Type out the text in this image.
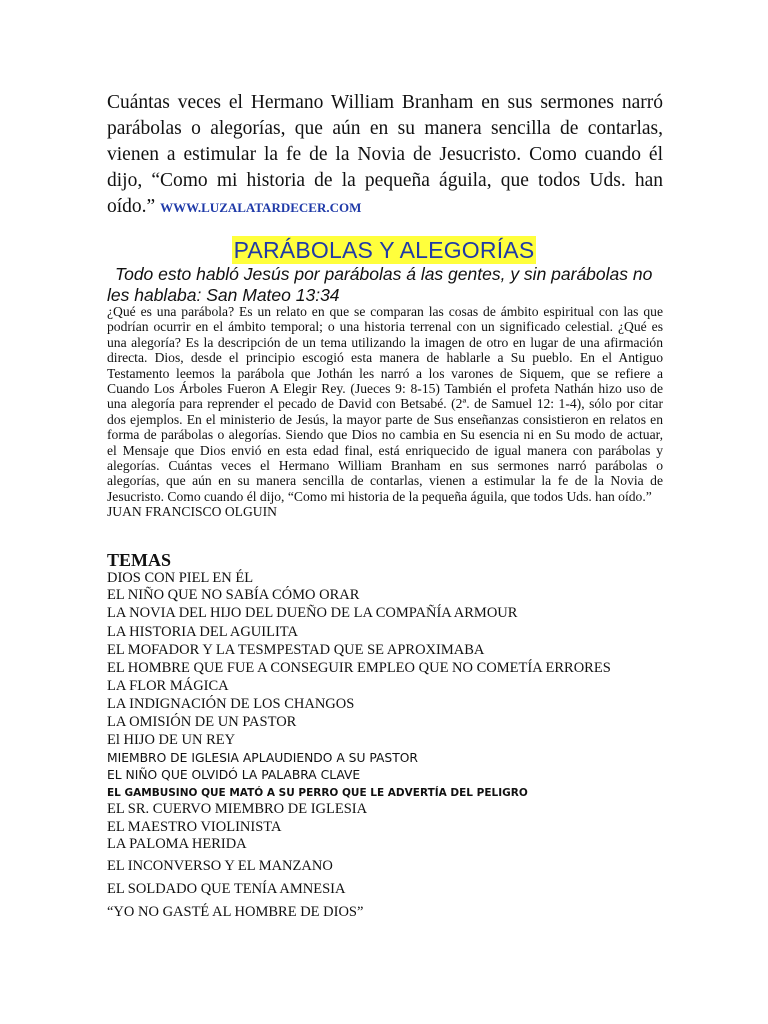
Cuántas veces el Hermano William Branham en sus sermones narró
parábolas o alegorías, que aún en su manera sencilla de contarlas,
vienen a estimular la fe de la Novia de Jesucristo. Como cuando él
dijo, “Como mi historia de la pequeña águila, que todos Uds. han
oído.” WWW.LUZALATARDECER.COM

PARÁBOLAS Y ALEGORÍAS

Todo esto habló Jesús por parábolas á las gentes, y sin parábolas no
les hablaba: San Mateo 13:34

¿Qué es una parábola? Es un relato en que se comparan las cosas de ámbito espiritual con las que
podrían ocurrir en el ámbito temporal; o una historia terrenal con un significado celestial. ¿Qué es
una alegoría? Es la descripción de un tema utilizando la imagen de otro en lugar de una afirmación
directa. Dios, desde el principio escogió esta manera de hablarle a Su pueblo. En el Antiguo
Testamento leemos la parábola que Jothán les narró a los varones de Siquem, que se refiere a
Cuando Los Árboles Fueron A Elegir Rey. (Jueces 9: 8-15) También el profeta Nathán hizo uso de
una alegoría para reprender el pecado de David con Betsabé. (2ª. de Samuel 12: 1-4), sólo por citar
dos ejemplos. En el ministerio de Jesús, la mayor parte de Sus enseñanzas consistieron en relatos en
forma de parábolas o alegorías. Siendo que Dios no cambia en Su esencia ni en Su modo de actuar,
el Mensaje que Dios envió en esta edad final, está enriquecido de igual manera con parábolas y
alegorías. Cuántas veces el Hermano William Branham en sus sermones narró parábolas o
alegorías, que aún en su manera sencilla de contarlas, vienen a estimular la fe de la Novia de
Jesucristo. Como cuando él dijo, “Como mi historia de la pequeña águila, que todos Uds. han oído.”
JUAN FRANCISCO OLGUIN

TEMAS
DIOS CON PIEL EN ÉL
EL NIÑO QUE NO SABÍA CÓMO ORAR
LA NOVIA DEL HIJO DEL DUEÑO DE LA COMPAÑÍA ARMOUR
LA HISTORIA DEL AGUILITA
EL MOFADOR Y LA TESMPESTAD QUE SE APROXIMABA
EL HOMBRE QUE FUE A CONSEGUIR EMPLEO QUE NO COMETÍA ERRORES
LA FLOR MÁGICA
LA INDIGNACIÓN DE LOS CHANGOS
LA OMISIÓN DE UN PASTOR
El HIJO DE UN REY
MIEMBRO DE IGLESIA APLAUDIENDO A SU PASTOR
EL NIÑO QUE OLVIDÓ LA PALABRA CLAVE
EL GAMBUSINO QUE MATÓ A SU PERRO QUE LE ADVERTÍA DEL PELIGRO
EL SR. CUERVO MIEMBRO DE IGLESIA
EL MAESTRO VIOLINISTA
LA PALOMA HERIDA
EL INCONVERSO Y EL MANZANO
EL SOLDADO QUE TENÍA AMNESIA
“YO NO GASTÉ AL HOMBRE DE DIOS”
